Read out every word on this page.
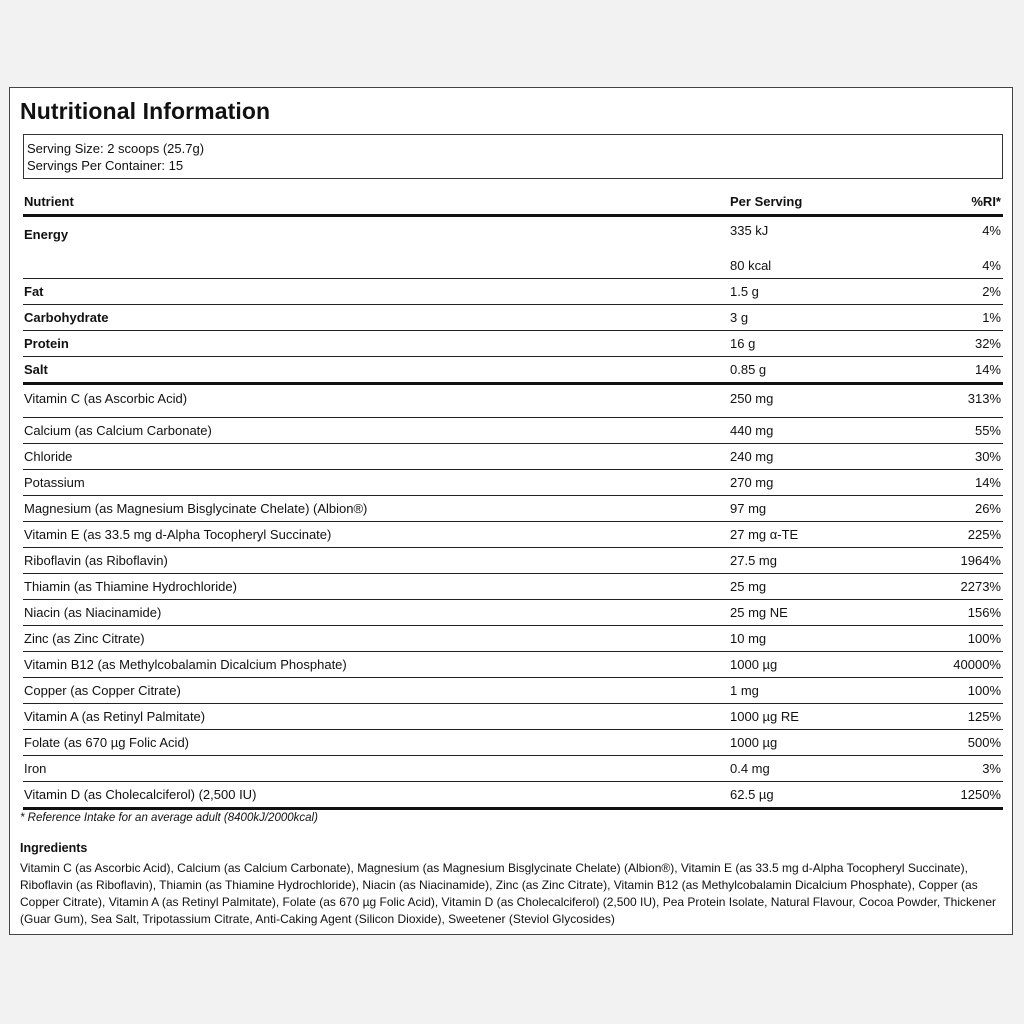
Nutritional Information
Serving Size: 2 scoops (25.7g)
Servings Per Container: 15
Nutrient	Per Serving	%RI*
Energy	335 kJ	4%
	80 kcal	4%
Fat	1.5 g	2%
Carbohydrate	3 g	1%
Protein	16 g	32%
Salt	0.85 g	14%
Vitamin C (as Ascorbic Acid)	250 mg	313%
Calcium (as Calcium Carbonate)	440 mg	55%
Chloride	240 mg	30%
Potassium	270 mg	14%
Magnesium (as Magnesium Bisglycinate Chelate) (Albion®)	97 mg	26%
Vitamin E (as 33.5 mg d-Alpha Tocopheryl Succinate)	27 mg α-TE	225%
Riboflavin (as Riboflavin)	27.5 mg	1964%
Thiamin (as Thiamine Hydrochloride)	25 mg	2273%
Niacin (as Niacinamide)	25 mg NE	156%
Zinc (as Zinc Citrate)	10 mg	100%
Vitamin B12 (as Methylcobalamin Dicalcium Phosphate)	1000 µg	40000%
Copper (as Copper Citrate)	1 mg	100%
Vitamin A (as Retinyl Palmitate)	1000 µg RE	125%
Folate (as 670 µg Folic Acid)	1000 µg	500%
Iron	0.4 mg	3%
Vitamin D (as Cholecalciferol) (2,500 IU)	62.5 µg	1250%
* Reference Intake for an average adult (8400kJ/2000kcal)
Ingredients
Vitamin C (as Ascorbic Acid), Calcium (as Calcium Carbonate), Magnesium (as Magnesium Bisglycinate Chelate) (Albion®), Vitamin E (as 33.5 mg d-Alpha Tocopheryl Succinate), Riboflavin (as Riboflavin), Thiamin (as Thiamine Hydrochloride), Niacin (as Niacinamide), Zinc (as Zinc Citrate), Vitamin B12 (as Methylcobalamin Dicalcium Phosphate), Copper (as Copper Citrate), Vitamin A (as Retinyl Palmitate), Folate (as 670 µg Folic Acid), Vitamin D (as Cholecalciferol) (2,500 IU), Pea Protein Isolate, Natural Flavour, Cocoa Powder, Thickener (Guar Gum), Sea Salt, Tripotassium Citrate, Anti-Caking Agent (Silicon Dioxide), Sweetener (Steviol Glycosides)
